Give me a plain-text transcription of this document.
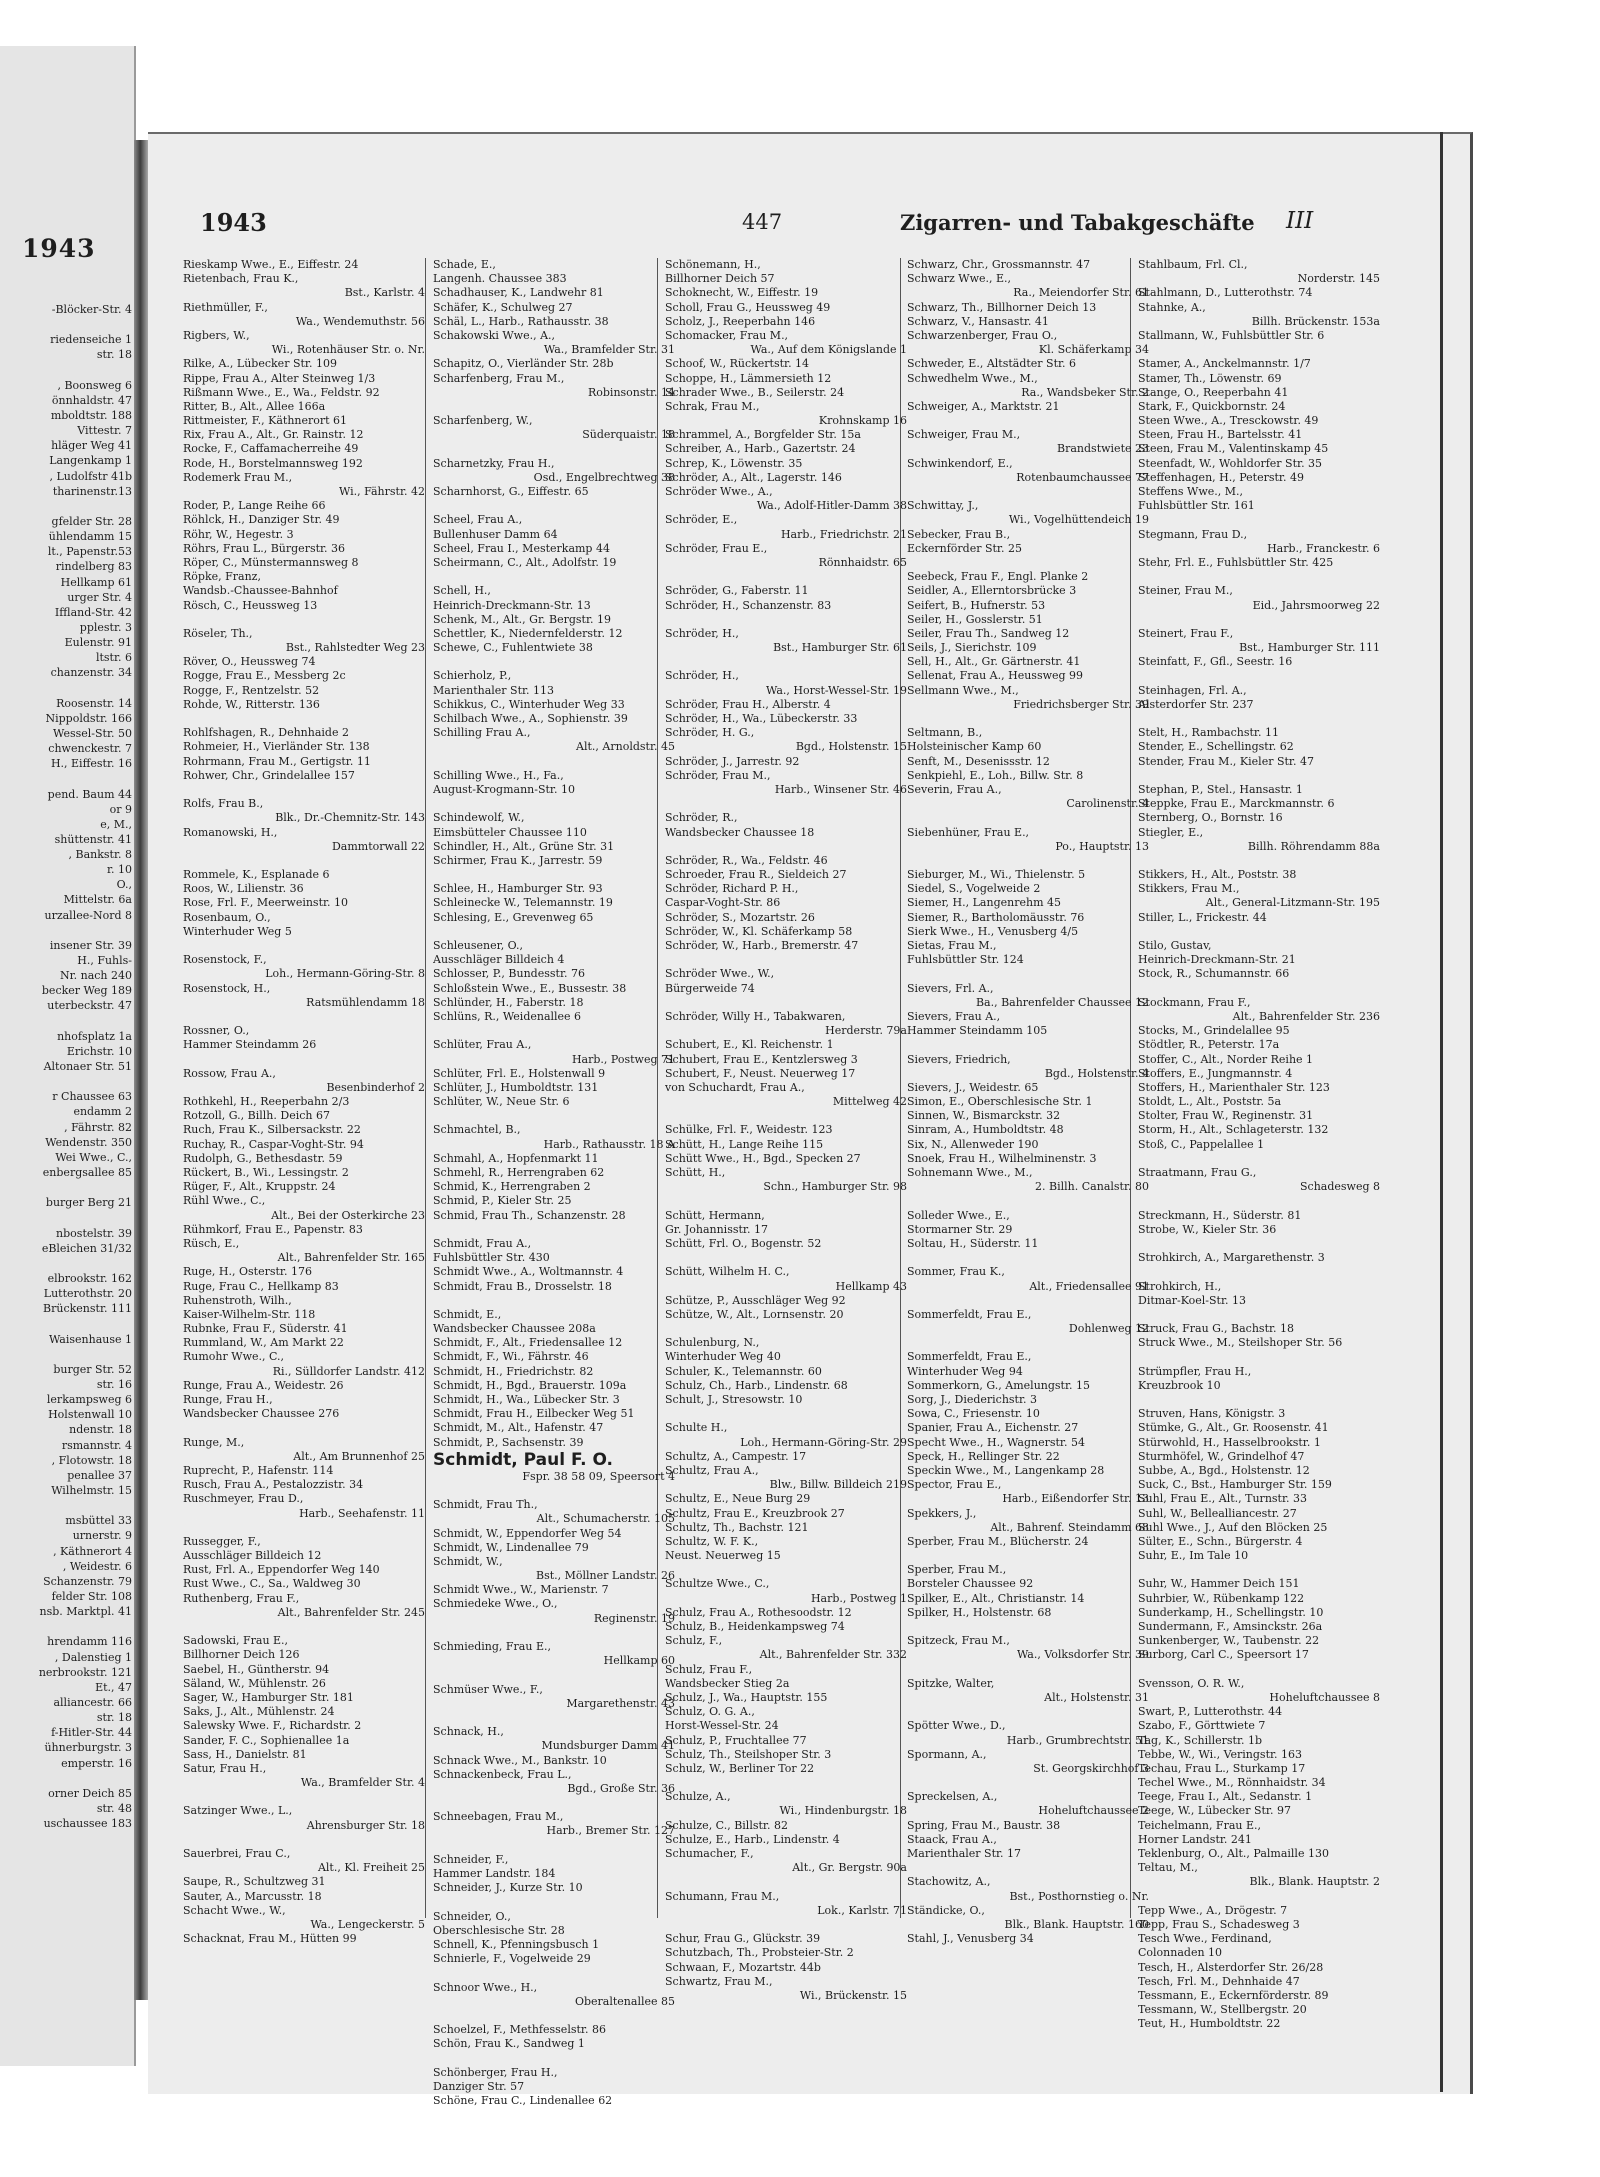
1943
-Blöcker-Str. 4

riedenseiche 1
str. 18

, Boonsweg 6
önnhaldstr. 47
mboldtstr. 188
Vittestr. 7
hläger Weg 41
Langenkamp 1
, Ludolfstr 41b
tharinenstr.13

gfelder Str. 28
ühlendamm 15
lt., Papenstr.53
rindelberg 83
Hellkamp 61
urger Str. 4
Iffland-Str. 42
pplestr. 3
Eulenstr. 91
ltstr. 6
chanzenstr. 34

Roosenstr. 14
Nippoldstr. 166
Wessel-Str. 50
chwenckestr. 7
H., Eiffestr. 16

pend. Baum 44
or 9
e, M.,
shüttenstr. 41
, Bankstr. 8
r. 10
O.,
Mittelstr. 6a
urzallee-Nord 8

insener Str. 39
H., Fuhls-
Nr. nach 240
becker Weg 189
uterbeckstr. 47

nhofsplatz 1a
Erichstr. 10
Altonaer Str. 51

r Chaussee 63
endamm 2
, Fährstr. 82
Wendenstr. 350
Wei Wwe., C.,
enbergsallee 85

burger Berg 21

nbostelstr. 39
eBleichen 31/32

elbrookstr. 162
Lutterothstr. 20
Brückenstr. 111

Waisenhause 1

burger Str. 52
str. 16
lerkampsweg 6
Holstenwall 10
ndenstr. 18
rsmannstr. 4
, Flotowstr. 18
penallee 37
Wilhelmstr. 15

msbüttel 33
urnerstr. 9
, Käthnerort 4
, Weidestr. 6
Schanzenstr. 79
felder Str. 108
nsb. Marktpl. 41

hrendamm 116
, Dalenstieg 1
nerbrookstr. 121
Et., 47
alliancestr. 66
str. 18
f-Hitler-Str. 44
ühnerburgstr. 3
emperstr. 16

orner Deich 85
str. 48
uschaussee 183
1943	447	Zigarren- und Tabakgeschäfte III
Rieskamp Wwe., E., Eiffestr. 24
Rietenbach, Frau K.,
Bst., Karlstr. 4
Riethmüller, F.,
Wa., Wendemuthstr. 56
Rigbers, W.,
Wi., Rotenhäuser Str. o. Nr.
Rilke, A., Lübecker Str. 109
Rippe, Frau A., Alter Steinweg 1/3
Rißmann Wwe., E., Wa., Feldstr. 92
Ritter, B., Alt., Allee 166a
Rittmeister, F., Käthnerort 61
Rix, Frau A., Alt., Gr. Rainstr. 12
Rocke, F., Caffamacherreihe 49
Rode, H., Borstelmannsweg 192
Rodemerk Frau M.,
Wi., Fährstr. 42
Roder, P., Lange Reihe 66
Röhlck, H., Danziger Str. 49
Röhr, W., Hegestr. 3
Röhrs, Frau L., Bürgerstr. 36
Röper, C., Münstermannsweg 8
Röpke, Franz,
Wandsb.-Chaussee-Bahnhof
Rösch, C., Heussweg 13

Röseler, Th.,
Bst., Rahlstedter Weg 23
Röver, O., Heussweg 74
Rogge, Frau E., Messberg 2c
Rogge, F., Rentzelstr. 52
Rohde, W., Ritterstr. 136

Rohlfshagen, R., Dehnhaide 2
Rohmeier, H., Vierländer Str. 138
Rohrmann, Frau M., Gertigstr. 11
Rohwer, Chr., Grindelallee 157

Rolfs, Frau B.,
Blk., Dr.-Chemnitz-Str. 143
Romanowski, H.,
Dammtorwall 22

Rommele, K., Esplanade 6
Roos, W., Lilienstr. 36
Rose, Frl. F., Meerweinstr. 10
Rosenbaum, O.,
Winterhuder Weg 5

Rosenstock, F.,
Loh., Hermann-Göring-Str. 8
Rosenstock, H.,
Ratsmühlendamm 18

Rossner, O.,
Hammer Steindamm 26

Rossow, Frau A.,
Besenbinderhof 2
Rothkehl, H., Reeperbahn 2/3
Rotzoll, G., Billh. Deich 67
Ruch, Frau K., Silbersackstr. 22
Ruchay, R., Caspar-Voght-Str. 94
Rudolph, G., Bethesdastr. 59
Rückert, B., Wi., Lessingstr. 2
Rüger, F., Alt., Kruppstr. 24
Rühl Wwe., C.,
Alt., Bei der Osterkirche 23
Rühmkorf, Frau E., Papenstr. 83
Rüsch, E.,
Alt., Bahrenfelder Str. 165
Ruge, H., Osterstr. 176
Ruge, Frau C., Hellkamp 83
Ruhenstroth, Wilh.,
Kaiser-Wilhelm-Str. 118
Rubnke, Frau F., Süderstr. 41
Rummland, W., Am Markt 22
Rumohr Wwe., C.,
Ri., Sülldorfer Landstr. 412
Runge, Frau A., Weidestr. 26
Runge, Frau H.,
Wandsbecker Chaussee 276

Runge, M.,
Alt., Am Brunnenhof 25
Ruprecht, P., Hafenstr. 114
Rusch, Frau A., Pestalozzistr. 34
Ruschmeyer, Frau D.,
Harb., Seehafenstr. 11

Russegger, F.,
Ausschläger Billdeich 12
Rust, Frl. A., Eppendorfer Weg 140
Rust Wwe., C., Sa., Waldweg 30
Ruthenberg, Frau F.,
Alt., Bahrenfelder Str. 245

Sadowski, Frau E.,
Billhorner Deich 126
Saebel, H., Güntherstr. 94
Säland, W., Mühlenstr. 26
Sager, W., Hamburger Str. 181
Saks, J., Alt., Mühlenstr. 24
Salewsky Wwe. F., Richardstr. 2
Sander, F. C., Sophienallee 1a
Sass, H., Danielstr. 81
Satur, Frau H.,
Wa., Bramfelder Str. 4

Satzinger Wwe., L.,
Ahrensburger Str. 18

Sauerbrei, Frau C.,
Alt., Kl. Freiheit 25
Saupe, R., Schultzweg 31
Sauter, A., Marcusstr. 18
Schacht Wwe., W.,
Wa., Lengeckerstr. 5
Schacknat, Frau M., Hütten 99
Schade, E.,
Langenh. Chaussee 383
Schadhauser, K., Landwehr 81
Schäfer, K., Schulweg 27
Schäl, L., Harb., Rathausstr. 38
Schakowski Wwe., A.,
Wa., Bramfelder Str. 31
Schapitz, O., Vierländer Str. 28b
Scharfenberg, Frau M.,
Robinsonstr. 14

Scharfenberg, W.,
Süderquaistr. 18

Scharnetzky, Frau H.,
Osd., Engelbrechtweg 38
Scharnhorst, G., Eiffestr. 65

Scheel, Frau A.,
Bullenhuser Damm 64
Scheel, Frau I., Mesterkamp 44
Scheirmann, C., Alt., Adolfstr. 19

Schell, H.,
Heinrich-Dreckmann-Str. 13
Schenk, M., Alt., Gr. Bergstr. 19
Schettler, K., Niedernfelderstr. 12
Schewe, C., Fuhlentwiete 38

Schierholz, P.,
Marienthaler Str. 113
Schikkus, C., Winterhuder Weg 33
Schilbach Wwe., A., Sophienstr. 39
Schilling Frau A.,
Alt., Arnoldstr. 45

Schilling Wwe., H., Fa.,
August-Krogmann-Str. 10

Schindewolf, W.,
Eimsbütteler Chaussee 110
Schindler, H., Alt., Grüne Str. 31
Schirmer, Frau K., Jarrestr. 59

Schlee, H., Hamburger Str. 93
Schleinecke W., Telemannstr. 19
Schlesing, E., Grevenweg 65

Schleusener, O.,
Ausschläger Billdeich 4
Schlosser, P., Bundesstr. 76
Schloßstein Wwe., E., Bussestr. 38
Schlünder, H., Faberstr. 18
Schlüns, R., Weidenallee 6

Schlüter, Frau A.,
Harb., Postweg 71
Schlüter, Frl. E., Holstenwall 9
Schlüter, J., Humboldtstr. 131
Schlüter, W., Neue Str. 6

Schmachtel, B.,
Harb., Rathausstr. 18 A
Schmahl, A., Hopfenmarkt 11
Schmehl, R., Herrengraben 62
Schmid, K., Herrengraben 2
Schmid, P., Kieler Str. 25
Schmid, Frau Th., Schanzenstr. 28

Schmidt, Frau A.,
Fuhlsbüttler Str. 430
Schmidt Wwe., A., Woltmannstr. 4
Schmidt, Frau B., Drosselstr. 18

Schmidt, E.,
Wandsbecker Chaussee 208a
Schmidt, F., Alt., Friedensallee 12
Schmidt, F., Wi., Fährstr. 46
Schmidt, H., Friedrichstr. 82
Schmidt, H., Bgd., Brauerstr. 109a
Schmidt, H., Wa., Lübecker Str. 3
Schmidt, Frau H., Eilbecker Weg 51
Schmidt, M., Alt., Hafenstr. 47
Schmidt, P., Sachsenstr. 39
Schmidt, Paul F. O.
Fspr. 38 58 09, Speersort 4

Schmidt, Frau Th.,
Alt., Schumacherstr. 105
Schmidt, W., Eppendorfer Weg 54
Schmidt, W., Lindenallee 79
Schmidt, W.,
Bst., Möllner Landstr. 26
Schmidt Wwe., W., Marienstr. 7
Schmiedeke Wwe., O.,
Reginenstr. 19

Schmieding, Frau E.,
Hellkamp 60

Schmüser Wwe., F.,
Margarethenstr. 43

Schnack, H.,
Mundsburger Damm 41
Schnack Wwe., M., Bankstr. 10
Schnackenbeck, Frau L.,
Bgd., Große Str. 36

Schneebagen, Frau M.,
Harb., Bremer Str. 127

Schneider, F.,
Hammer Landstr. 184
Schneider, J., Kurze Str. 10

Schneider, O.,
Oberschlesische Str. 28
Schnell, K., Pfenningsbusch 1
Schnierle, F., Vogelweide 29

Schnoor Wwe., H.,
Oberaltenallee 85

Schoelzel, F., Methfesselstr. 86
Schön, Frau K., Sandweg 1

Schönberger, Frau H.,
Danziger Str. 57
Schöne, Frau C., Lindenallee 62
Schönemann, H.,
Billhorner Deich 57
Schoknecht, W., Eiffestr. 19
Scholl, Frau G., Heussweg 49
Scholz, J., Reeperbahn 146
Schomacker, Frau M.,
Wa., Auf dem Königslande 1
Schoof, W., Rückertstr. 14
Schoppe, H., Lämmersieth 12
Schrader Wwe., B., Seilerstr. 24
Schrak, Frau M.,
Krohnskamp 16
Schrammel, A., Borgfelder Str. 15a
Schreiber, A., Harb., Gazertstr. 24
Schrep, K., Löwenstr. 35
Schröder, A., Alt., Lagerstr. 146
Schröder Wwe., A.,
Wa., Adolf-Hitler-Damm 38
Schröder, E.,
Harb., Friedrichstr. 21
Schröder, Frau E.,
Rönnhaidstr. 65

Schröder, G., Faberstr. 11
Schröder, H., Schanzenstr. 83

Schröder, H.,
Bst., Hamburger Str. 61

Schröder, H.,
Wa., Horst-Wessel-Str. 19
Schröder, Frau H., Alberstr. 4
Schröder, H., Wa., Lübeckerstr. 33
Schröder, H. G.,
Bgd., Holstenstr. 15
Schröder, J., Jarrestr. 92
Schröder, Frau M.,
Harb., Winsener Str. 46

Schröder, R.,
Wandsbecker Chaussee 18

Schröder, R., Wa., Feldstr. 46
Schroeder, Frau R., Sieldeich 27
Schröder, Richard P. H.,
Caspar-Voght-Str. 86
Schröder, S., Mozartstr. 26
Schröder, W., Kl. Schäferkamp 58
Schröder, W., Harb., Bremerstr. 47

Schröder Wwe., W.,
Bürgerweide 74

Schröder, Willy H., Tabakwaren,
Herderstr. 79a
Schubert, E., Kl. Reichenstr. 1
Schubert, Frau E., Kentzlersweg 3
Schubert, F., Neust. Neuerweg 17
von Schuchardt, Frau A.,
Mittelweg 42

Schülke, Frl. F., Weidestr. 123
Schütt, H., Lange Reihe 115
Schütt Wwe., H., Bgd., Specken 27
Schütt, H.,
Schn., Hamburger Str. 98

Schütt, Hermann,
Gr. Johannisstr. 17
Schütt, Frl. O., Bogenstr. 52

Schütt, Wilhelm H. C.,
Hellkamp 43
Schütze, P., Ausschläger Weg 92
Schütze, W., Alt., Lornsenstr. 20

Schulenburg, N.,
Winterhuder Weg 40
Schuler, K., Telemannstr. 60
Schulz, Ch., Harb., Lindenstr. 68
Schult, J., Stresowstr. 10

Schulte H.,
Loh., Hermann-Göring-Str. 29
Schultz, A., Campestr. 17
Schultz, Frau A.,
Blw., Billw. Billdeich 219
Schultz, E., Neue Burg 29
Schultz, Frau E., Kreuzbrook 27
Schultz, Th., Bachstr. 121
Schultz, W. F. K.,
Neust. Neuerweg 15

Schultze Wwe., C.,
Harb., Postweg 1
Schulz, Frau A., Rothesoodstr. 12
Schulz, B., Heidenkampsweg 74
Schulz, F.,
Alt., Bahrenfelder Str. 332
Schulz, Frau F.,
Wandsbecker Stieg 2a
Schulz, J., Wa., Hauptstr. 155
Schulz, O. G. A.,
Horst-Wessel-Str. 24
Schulz, P., Fruchtallee 77
Schulz, Th., Steilshoper Str. 3
Schulz, W., Berliner Tor 22

Schulze, A.,
Wi., Hindenburgstr. 18
Schulze, C., Billstr. 82
Schulze, E., Harb., Lindenstr. 4
Schumacher, F.,
Alt., Gr. Bergstr. 90a

Schumann, Frau M.,
Lok., Karlstr. 71

Schur, Frau G., Glückstr. 39
Schutzbach, Th., Probsteier-Str. 2
Schwaan, F., Mozartstr. 44b
Schwartz, Frau M.,
Wi., Brückenstr. 15
Schwarz, Chr., Grossmannstr. 47
Schwarz Wwe., E.,
Ra., Meiendorfer Str. 61
Schwarz, Th., Billhorner Deich 13
Schwarz, V., Hansastr. 41
Schwarzenberger, Frau O.,
Kl. Schäferkamp 34
Schweder, E., Altstädter Str. 6
Schwedhelm Wwe., M.,
Ra., Wandsbeker Str. 2
Schweiger, A., Marktstr. 21

Schweiger, Frau M.,
Brandstwiete 23
Schwinkendorf, E.,
Rotenbaumchaussee 77

Schwittay, J.,
Wi., Vogelhüttendeich 19
Sebecker, Frau B.,
Eckernförder Str. 25

Seebeck, Frau F., Engl. Planke 2
Seidler, A., Ellerntorsbrücke 3
Seifert, B., Hufnerstr. 53
Seiler, H., Gosslerstr. 51
Seiler, Frau Th., Sandweg 12
Seils, J., Sierichstr. 109
Sell, H., Alt., Gr. Gärtnerstr. 41
Sellenat, Frau A., Heussweg 99
Sellmann Wwe., M.,
Friedrichsberger Str. 39

Seltmann, B.,
Holsteinischer Kamp 60
Senft, M., Desenissstr. 12
Senkpiehl, E., Loh., Billw. Str. 8
Severin, Frau A.,
Carolinenstr. 4

Siebenhüner, Frau E.,
Po., Hauptstr. 13

Sieburger, M., Wi., Thielenstr. 5
Siedel, S., Vogelweide 2
Siemer, H., Langenrehm 45
Siemer, R., Bartholomäusstr. 76
Sierk Wwe., H., Venusberg 4/5
Sietas, Frau M.,
Fuhlsbüttler Str. 124

Sievers, Frl. A.,
Ba., Bahrenfelder Chaussee 12
Sievers, Frau A.,
Hammer Steindamm 105

Sievers, Friedrich,
Bgd., Holstenstr. 4
Sievers, J., Weidestr. 65
Simon, E., Oberschlesische Str. 1
Sinnen, W., Bismarckstr. 32
Sinram, A., Humboldtstr. 48
Six, N., Allenweder 190
Snoek, Frau H., Wilhelminenstr. 3
Sohnemann Wwe., M.,
2. Billh. Canalstr. 80

Solleder Wwe., E.,
Stormarner Str. 29
Soltau, H., Süderstr. 11

Sommer, Frau K.,
Alt., Friedensallee 91

Sommerfeldt, Frau E.,
Dohlenweg 12

Sommerfeldt, Frau E.,
Winterhuder Weg 94
Sommerkorn, G., Amelungstr. 15
Sorg, J., Diederichstr. 3
Sowa, C., Friesenstr. 10
Spanier, Frau A., Eichenstr. 27
Specht Wwe., H., Wagnerstr. 54
Speck, H., Rellinger Str. 22
Speckin Wwe., M., Langenkamp 28
Spector, Frau E.,
Harb., Eißendorfer Str. 13
Spekkers, J.,
Alt., Bahrenf. Steindamm 68
Sperber, Frau M., Blücherstr. 24

Sperber, Frau M.,
Borsteler Chaussee 92
Spilker, E., Alt., Christianstr. 14
Spilker, H., Holstenstr. 68

Spitzeck, Frau M.,
Wa., Volksdorfer Str. 39

Spitzke, Walter,
Alt., Holstenstr. 31

Spötter Wwe., D.,
Harb., Grumbrechtstr. 51
Spormann, A.,
St. Georgskirchhof 3

Spreckelsen, A.,
Hoheluftchaussee 2
Spring, Frau M., Baustr. 38
Staack, Frau A.,
Marienthaler Str. 17

Stachowitz, A.,
Bst., Posthornstieg o. Nr.
Ständicke, O.,
Blk., Blank. Hauptstr. 160
Stahl, J., Venusberg 34
Stahlbaum, Frl. Cl.,
Norderstr. 145
Stahlmann, D., Lutterothstr. 74
Stahnke, A.,
Billh. Brückenstr. 153a
Stallmann, W., Fuhlsbüttler Str. 6

Stamer, A., Anckelmannstr. 1/7
Stamer, Th., Löwenstr. 69
Stange, O., Reeperbahn 41
Stark, F., Quickbornstr. 24
Steen Wwe., A., Tresckowstr. 49
Steen, Frau H., Bartelsstr. 41
Steen, Frau M., Valentinskamp 45
Steenfadt, W., Wohldorfer Str. 35
Steffenhagen, H., Peterstr. 49
Steffens Wwe., M.,
Fuhlsbüttler Str. 161

Stegmann, Frau D.,
Harb., Franckestr. 6
Stehr, Frl. E., Fuhlsbüttler Str. 425

Steiner, Frau M.,
Eid., Jahrsmoorweg 22

Steinert, Frau F.,
Bst., Hamburger Str. 111
Steinfatt, F., Gfl., Seestr. 16

Steinhagen, Frl. A.,
Alsterdorfer Str. 237

Stelt, H., Rambachstr. 11
Stender, E., Schellingstr. 62
Stender, Frau M., Kieler Str. 47

Stephan, P., Stel., Hansastr. 1
Steppke, Frau E., Marckmannstr. 6
Sternberg, O., Bornstr. 16
Stiegler, E.,
Billh. Röhrendamm 88a

Stikkers, H., Alt., Poststr. 38
Stikkers, Frau M.,
Alt., General-Litzmann-Str. 195
Stiller, L., Frickestr. 44

Stilo, Gustav,
Heinrich-Dreckmann-Str. 21
Stock, R., Schumannstr. 66

Stockmann, Frau F.,
Alt., Bahrenfelder Str. 236
Stocks, M., Grindelallee 95
Stödtler, R., Peterstr. 17a
Stoffer, C., Alt., Norder Reihe 1
Stoffers, E., Jungmannstr. 4
Stoffers, H., Marienthaler Str. 123
Stoldt, L., Alt., Poststr. 5a
Stolter, Frau W., Reginenstr. 31
Storm, H., Alt., Schlageterstr. 132
Stoß, C., Pappelallee 1

Straatmann, Frau G.,
Schadesweg 8

Streckmann, H., Süderstr. 81
Strobe, W., Kieler Str. 36

Strohkirch, A., Margarethenstr. 3

Strohkirch, H.,
Ditmar-Koel-Str. 13

Struck, Frau G., Bachstr. 18
Struck Wwe., M., Steilshoper Str. 56

Strümpfler, Frau H.,
Kreuzbrook 10

Struven, Hans, Königstr. 3
Stümke, G., Alt., Gr. Roosenstr. 41
Stürwohld, H., Hasselbrookstr. 1
Sturmhöfel, W., Grindelhof 47
Subbe, A., Bgd., Holstenstr. 12
Suck, C., Bst., Hamburger Str. 159
Suhl, Frau E., Alt., Turnstr. 33
Suhl, W., Bellealliancestr. 27
Suhl Wwe., J., Auf den Blöcken 25
Sülter, E., Schn., Bürgerstr. 4
Suhr, E., Im Tale 10

Suhr, W., Hammer Deich 151
Suhrbier, W., Rübenkamp 122
Sunderkamp, H., Schellingstr. 10
Sundermann, F., Amsinckstr. 26a
Sunkenberger, W., Taubenstr. 22
Surborg, Carl C., Speersort 17

Svensson, O. R. W.,
Hoheluftchaussee 8
Swart, P., Lutterothstr. 44
Szabo, F., Görttwiete 7
Tag, K., Schillerstr. 1b
Tebbe, W., Wi., Veringstr. 163
Techau, Frau L., Sturkamp 17
Techel Wwe., M., Rönnhaidstr. 34
Teege, Frau I., Alt., Sedanstr. 1
Teege, W., Lübecker Str. 97
Teichelmann, Frau E.,
Horner Landstr. 241
Teklenburg, O., Alt., Palmaille 130
Teltau, M.,
Blk., Blank. Hauptstr. 2

Tepp Wwe., A., Drögestr. 7
Tepp, Frau S., Schadesweg 3
Tesch Wwe., Ferdinand,
Colonnaden 10
Tesch, H., Alsterdorfer Str. 26/28
Tesch, Frl. M., Dehnhaide 47
Tessmann, E., Eckernförderstr. 89
Tessmann, W., Stellbergstr. 20
Teut, H., Humboldtstr. 22
